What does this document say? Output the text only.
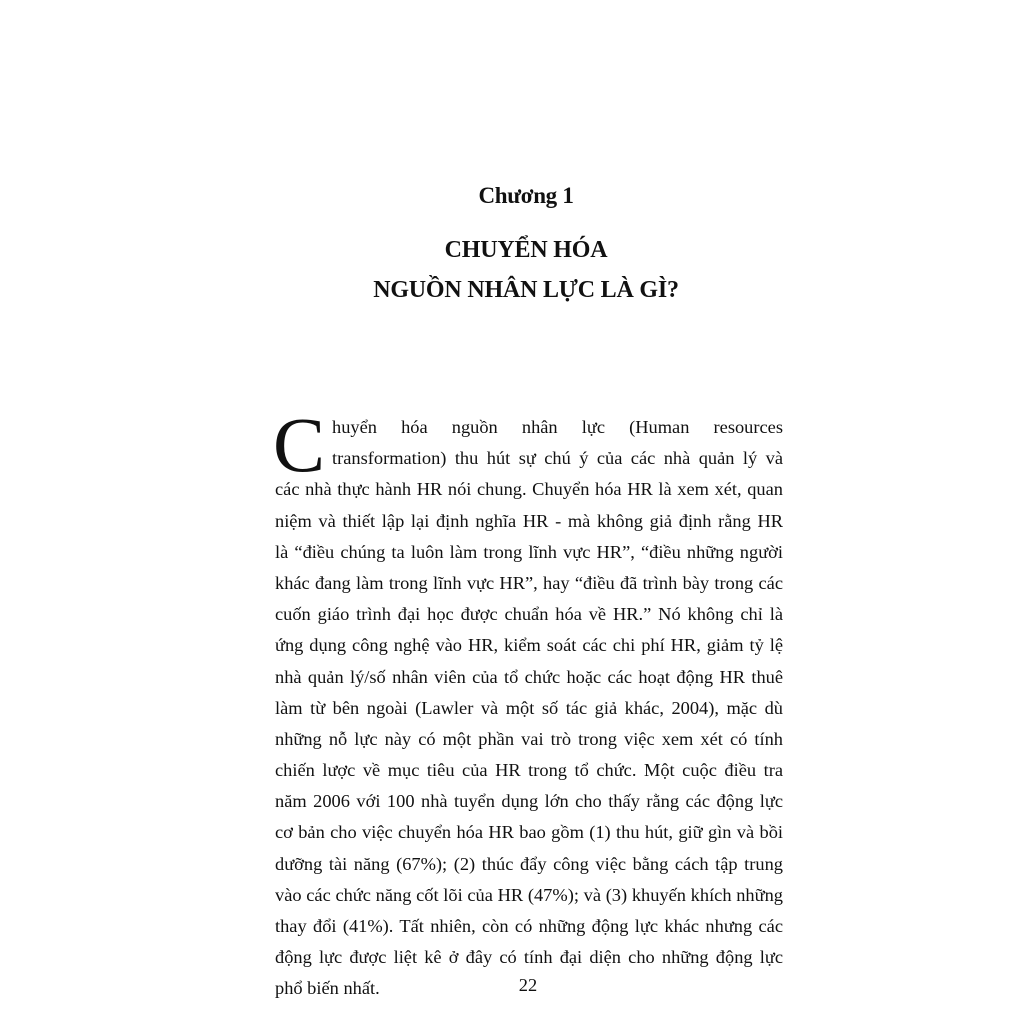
Chương 1
CHUYỂN HÓA
NGUỒN NHÂN LỰC LÀ GÌ?
C huyển hóa nguồn nhân lực (Human resources
transformation) thu hút sự chú ý của các nhà quản lý và
các nhà thực hành HR nói chung. Chuyển hóa HR là xem xét, quan
niệm và thiết lập lại định nghĩa HR - mà không giả định rằng HR
là “điều chúng ta luôn làm trong lĩnh vực HR”, “điều những người
khác đang làm trong lĩnh vực HR”, hay “điều đã trình bày trong các
cuốn giáo trình đại học được chuẩn hóa về HR.” Nó không chỉ là
ứng dụng công nghệ vào HR, kiểm soát các chi phí HR, giảm tỷ lệ
nhà quản lý/số nhân viên của tổ chức hoặc các hoạt động HR thuê
làm từ bên ngoài (Lawler và một số tác giả khác, 2004), mặc dù
những nỗ lực này có một phần vai trò trong việc xem xét có tính
chiến lược về mục tiêu của HR trong tổ chức. Một cuộc điều tra
năm 2006 với 100 nhà tuyển dụng lớn cho thấy rằng các động lực
cơ bản cho việc chuyển hóa HR bao gồm (1) thu hút, giữ gìn và bồi
dưỡng tài năng (67%); (2) thúc đẩy công việc bằng cách tập trung
vào các chức năng cốt lõi của HR (47%); và (3) khuyến khích những
thay đổi (41%). Tất nhiên, còn có những động lực khác nhưng các
động lực được liệt kê ở đây có tính đại diện cho những động lực
phổ biến nhất.	22
